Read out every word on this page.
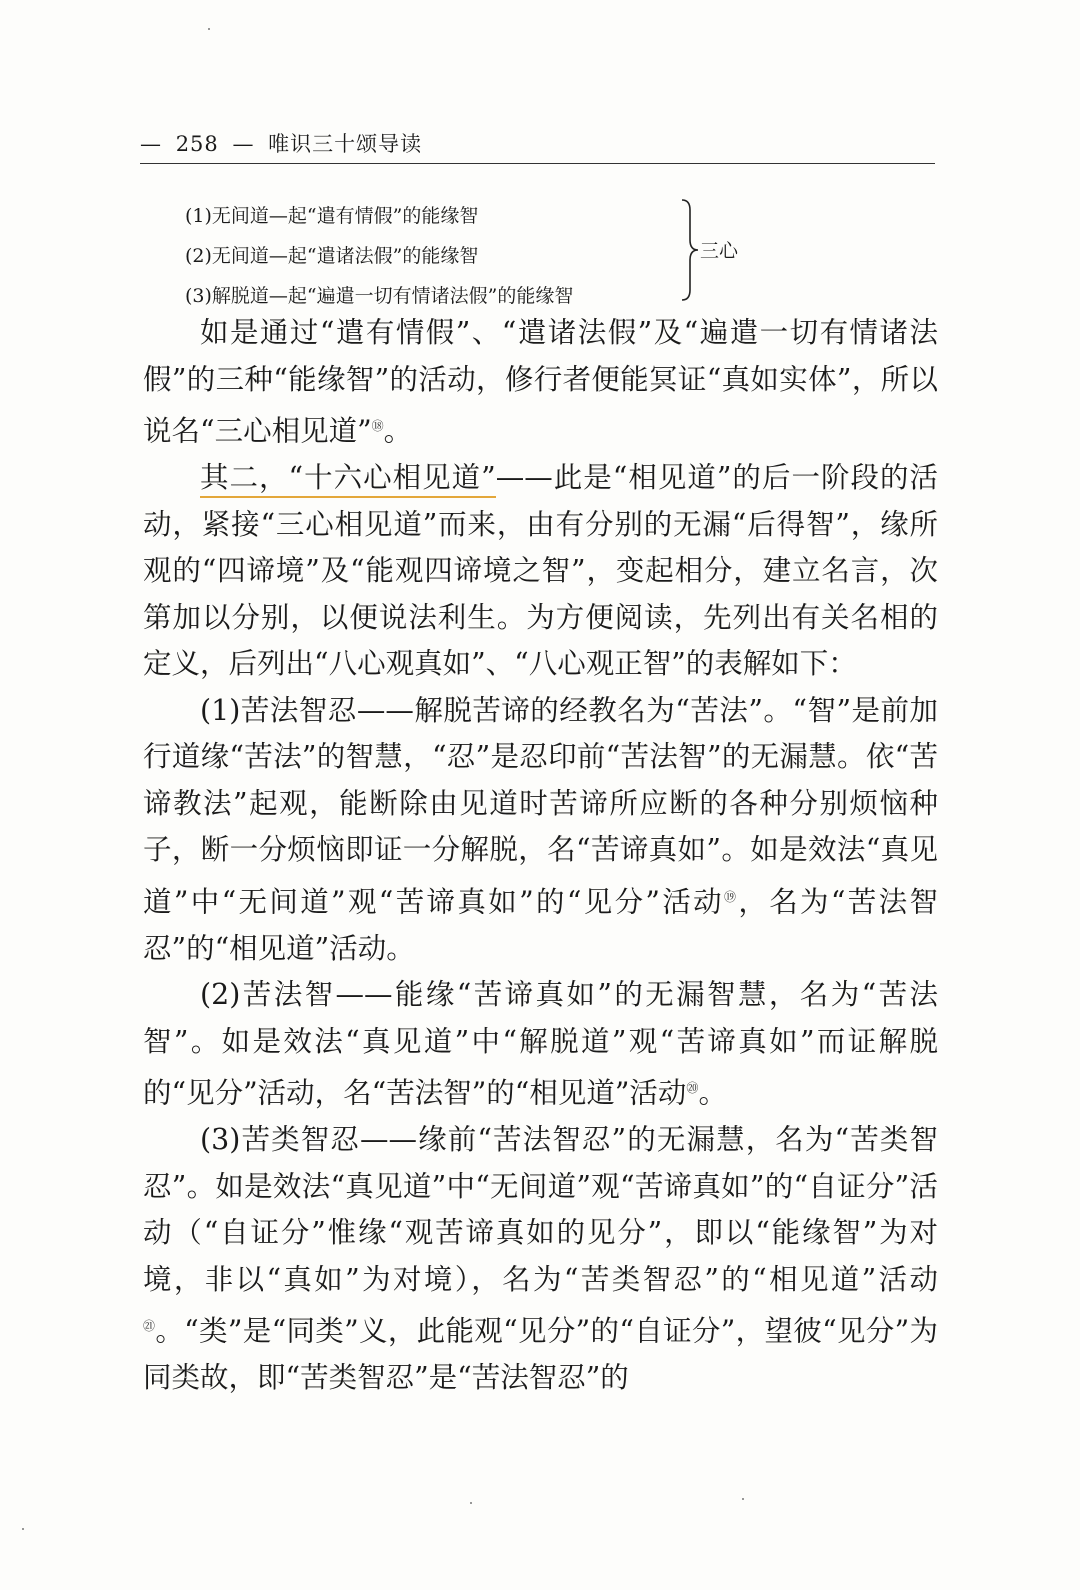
— 258 — 唯识三十颂导读
(1)无间道—起“遣有情假”的能缘智
(2)无间道—起“遣诸法假”的能缘智
(3)解脱道—起“遍遣一切有情诸法假”的能缘智
三心

如是通过“遣有情假”、“遣诸法假”及“遍遣一切有情诸法假”的三种“能缘智”的活动，修行者便能冥证“真如实体”，所以说名“三心相见道”⑱。

其二，“十六心相见道”——此是“相见道”的后一阶段的活动，紧接“三心相见道”而来，由有分别的无漏“后得智”，缘所观的“四谛境”及“能观四谛境之智”，变起相分，建立名言，次第加以分别，以便说法利生。为方便阅读，先列出有关名相的定义，后列出“八心观真如”、“八心观正智”的表解如下：

(1)苦法智忍——解脱苦谛的经教名为“苦法”。“智”是前加行道缘“苦法”的智慧，“忍”是忍印前“苦法智”的无漏慧。依“苦谛教法”起观，能断除由见道时苦谛所应断的各种分别烦恼种子，断一分烦恼即证一分解脱，名“苦谛真如”。如是效法“真见道”中“无间道”观“苦谛真如”的“见分”活动⑲，名为“苦法智忍”的“相见道”活动。

(2)苦法智——能缘“苦谛真如”的无漏智慧，名为“苦法智”。如是效法“真见道”中“解脱道”观“苦谛真如”而证解脱的“见分”活动，名“苦法智”的“相见道”活动⑳。

(3)苦类智忍——缘前“苦法智忍”的无漏慧，名为“苦类智忍”。如是效法“真见道”中“无间道”观“苦谛真如”的“自证分”活动（“自证分”惟缘“观苦谛真如的见分”，即以“能缘智”为对境，非以“真如”为对境），名为“苦类智忍”的“相见道”活动$^㉑$。“类”是“同类”义，此能观“见分”的“自证分”，望彼“见分”为同类故，即“苦类智忍”是“苦法智忍”的
